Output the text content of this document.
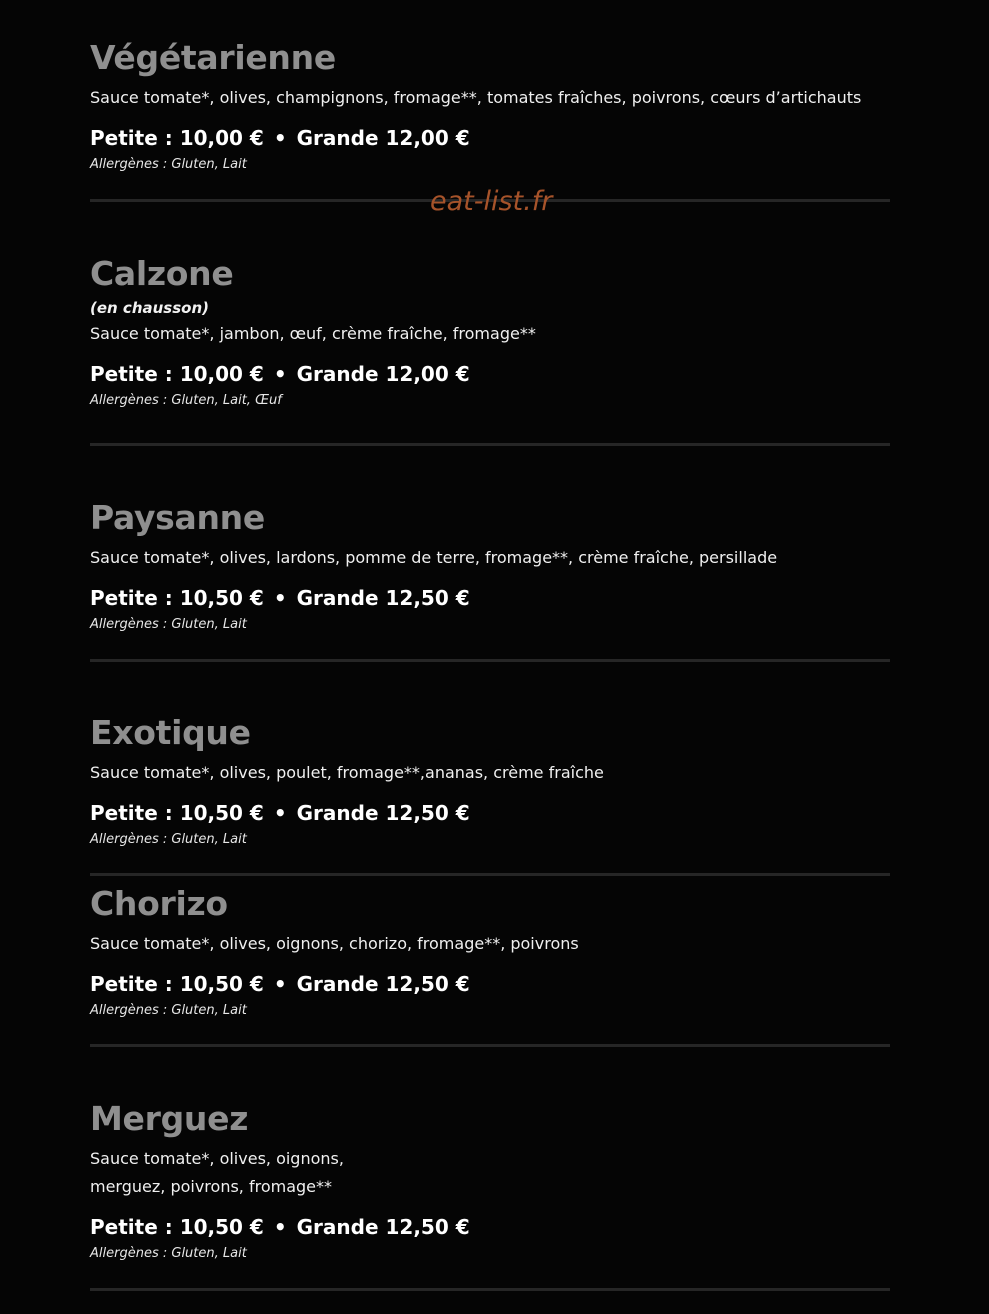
Végétarienne

Sauce tomate*, olives, champignons, fromage**, tomates fraîches, poivrons, cœurs d’artichauts

Petite : 10,00 € • Grande 12,00 €

Allergènes : Gluten, Lait

eat-list.fr
Calzone

(en chausson)

Sauce tomate*, jambon, œuf, crème fraîche, fromage**

Petite : 10,00 € • Grande 12,00 €

Allergènes : Gluten, Lait, Œuf

Paysanne

Sauce tomate*, olives, lardons, pomme de terre, fromage**, crème fraîche, persillade

Petite : 10,50 € • Grande 12,50 €

Allergènes : Gluten, Lait

Exotique

Sauce tomate*, olives, poulet, fromage**,ananas, crème fraîche

Petite : 10,50 € • Grande 12,50 €

Allergènes : Gluten, Lait

Chorizo

Sauce tomate*, olives, oignons, chorizo, fromage**, poivrons

Petite : 10,50 € • Grande 12,50 €

Allergènes : Gluten, Lait

Merguez

Sauce tomate*, olives, oignons, merguez, poivrons, fromage**

Petite : 10,50 € • Grande 12,50 €

Allergènes : Gluten, Lait
